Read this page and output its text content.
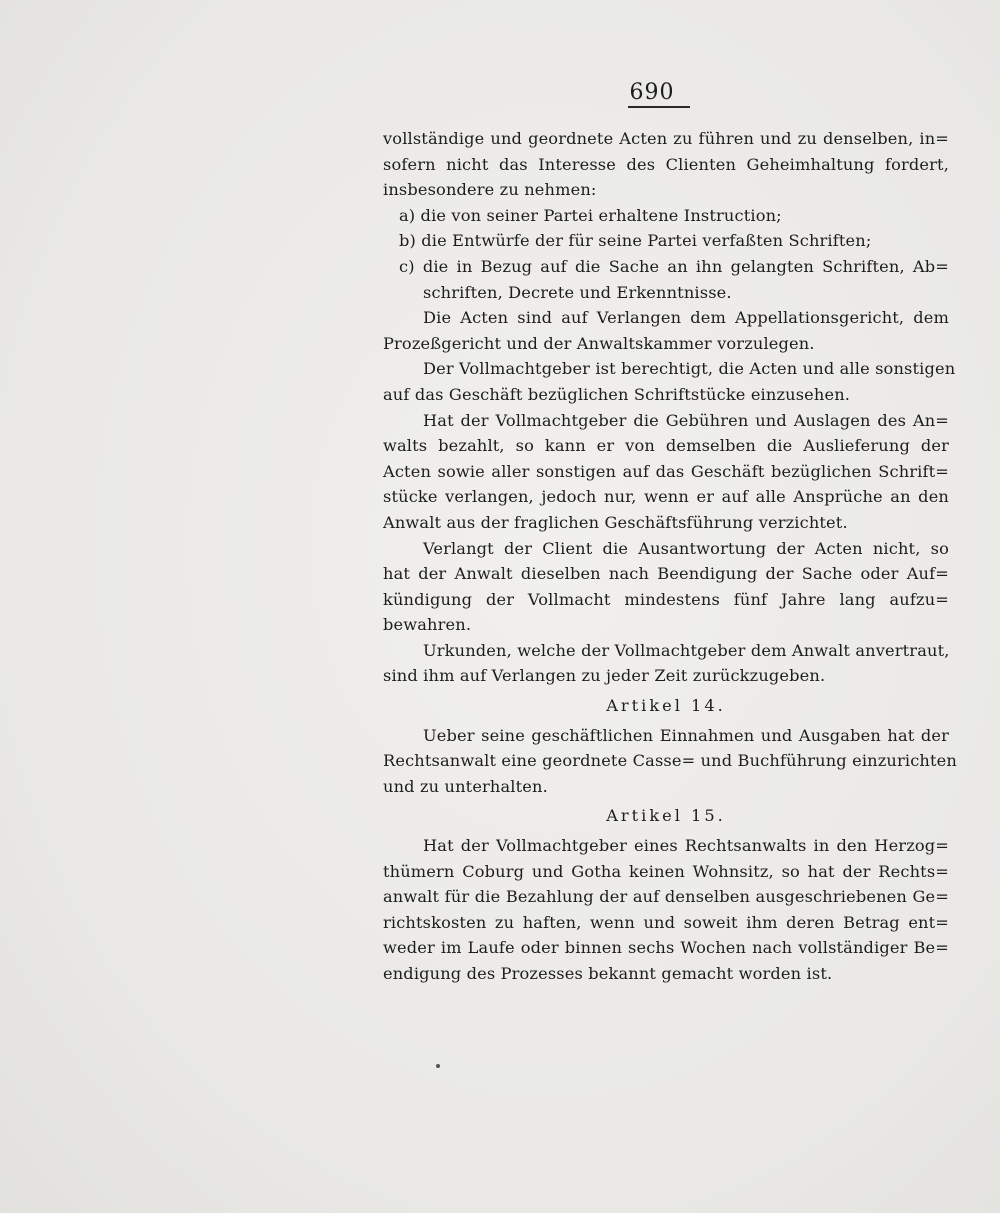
690
vollständige und geordnete Acten zu führen und zu denselben, in=
sofern nicht das Interesse des Clienten Geheimhaltung fordert,
insbesondere zu nehmen:
a) die von seiner Partei erhaltene Instruction;
b) die Entwürfe der für seine Partei verfaßten Schriften;
c) die in Bezug auf die Sache an ihn gelangten Schriften, Ab=
schriften, Decrete und Erkenntnisse.
Die Acten sind auf Verlangen dem Appellationsgericht, dem
Prozeßgericht und der Anwaltskammer vorzulegen.
Der Vollmachtgeber ist berechtigt, die Acten und alle sonstigen
auf das Geschäft bezüglichen Schriftstücke einzusehen.
Hat der Vollmachtgeber die Gebühren und Auslagen des An=
walts bezahlt, so kann er von demselben die Auslieferung der
Acten sowie aller sonstigen auf das Geschäft bezüglichen Schrift=
stücke verlangen, jedoch nur, wenn er auf alle Ansprüche an den
Anwalt aus der fraglichen Geschäftsführung verzichtet.
Verlangt der Client die Ausantwortung der Acten nicht, so
hat der Anwalt dieselben nach Beendigung der Sache oder Auf=
kündigung der Vollmacht mindestens fünf Jahre lang aufzu=
bewahren.
Urkunden, welche der Vollmachtgeber dem Anwalt anvertraut,
sind ihm auf Verlangen zu jeder Zeit zurückzugeben.
Artikel 14.
Ueber seine geschäftlichen Einnahmen und Ausgaben hat der
Rechtsanwalt eine geordnete Casse= und Buchführung einzurichten
und zu unterhalten.
Artikel 15.
Hat der Vollmachtgeber eines Rechtsanwalts in den Herzog=
thümern Coburg und Gotha keinen Wohnsitz, so hat der Rechts=
anwalt für die Bezahlung der auf denselben ausgeschriebenen Ge=
richtskosten zu haften, wenn und soweit ihm deren Betrag ent=
weder im Laufe oder binnen sechs Wochen nach vollständiger Be=
endigung des Prozesses bekannt gemacht worden ist.
